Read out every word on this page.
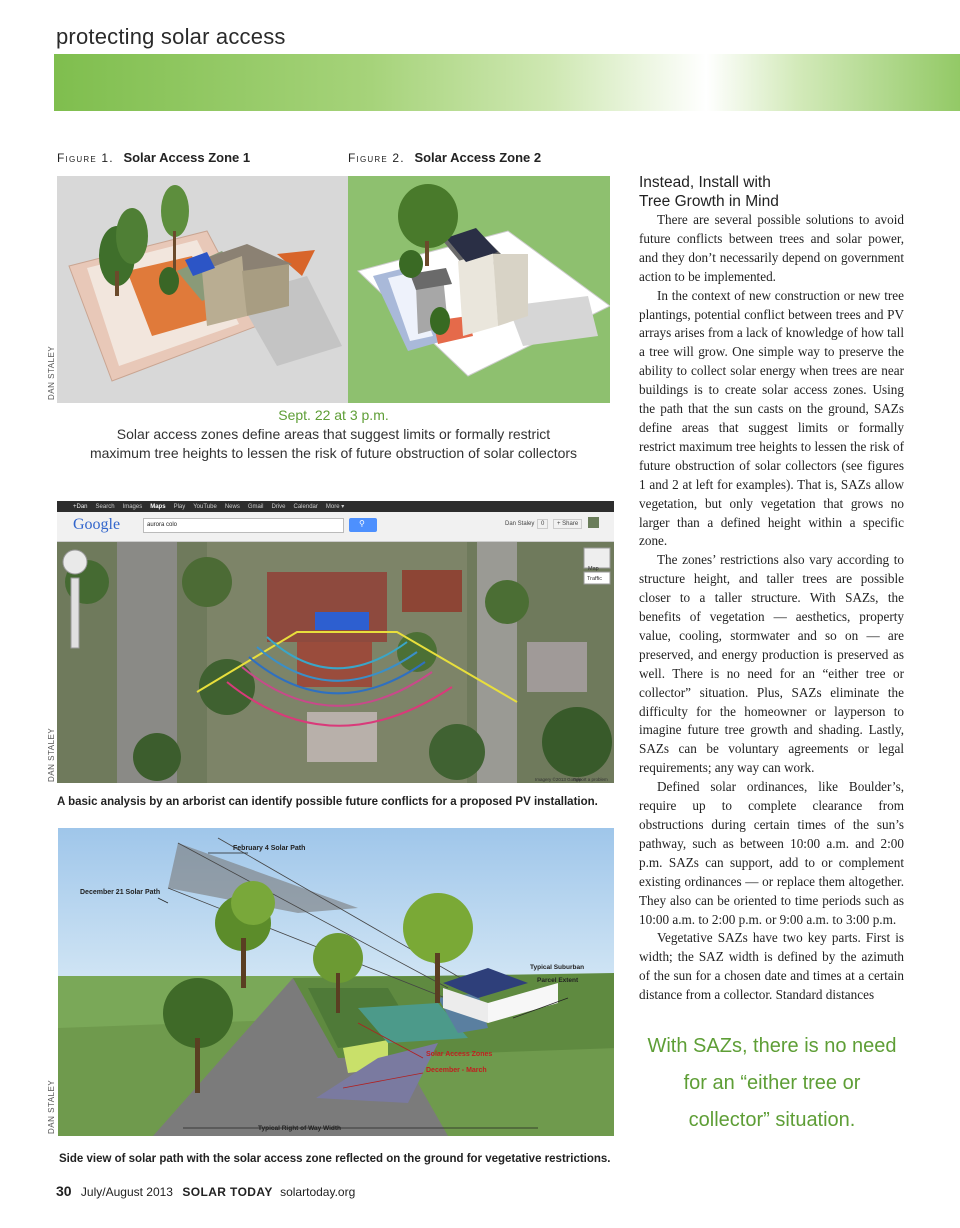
protecting solar access
Figure 1. Solar Access Zone 1	Figure 2. Solar Access Zone 2
DAN STALEY
Sept. 22 at 3 p.m.
Solar access zones define areas that suggest limits or formally restrict
maximum tree heights to lessen the risk of future obstruction of solar collectors
+Dan Search Images Maps Play YouTube News Gmail Drive Calendar More ▾
Google	aurora colo	⚲	Dan Staley	0	+ Share
Map
Traffic
Imagery ©2013 Google
Report a problem
DAN STALEY
A basic analysis by an arborist can identify possible future conflicts for a proposed PV installation.
February 4 Solar Path
December 21 Solar Path
Typical Suburban
Parcel Extent
Solar Access Zones
December - March
Typical Right of Way Width
DAN STALEY
Side view of solar path with the solar access zone reflected on the ground for vegetative restrictions.
Instead, Install with
Tree Growth in Mind

There are several possible solutions to avoid future conflicts between trees and solar power, and they don’t necessarily depend on government action to be implemented.

In the context of new construction or new tree plantings, potential conflict between trees and PV arrays arises from a lack of knowledge of how tall a tree will grow. One simple way to preserve the ability to collect solar energy when trees are near buildings is to create solar access zones. Using the path that the sun casts on the ground, SAZs define areas that suggest limits or formally restrict maximum tree heights to lessen the risk of future obstruction of solar collectors (see figures 1 and 2 at left for examples). That is, SAZs allow vegetation, but only vegetation that grows no larger than a defined height within a specific zone.

The zones’ restrictions also vary according to structure height, and taller trees are possible closer to a taller structure. With SAZs, the benefits of vegetation — aesthetics, property value, cooling, stormwater and so on — are preserved, and energy production is preserved as well. There is no need for an “either tree or collector” situation. Plus, SAZs eliminate the difficulty for the homeowner or layperson to imagine future tree growth and shading. Lastly, SAZs can be voluntary agreements or legal requirements; any way can work.

Defined solar ordinances, like Boulder’s, require up to complete clearance from obstructions during certain times of the sun’s pathway, such as between 10:00 a.m. and 2:00 p.m. SAZs can support, add to or complement existing ordinances — or replace them altogether. They also can be oriented to time periods such as 10:00 a.m. to 2:00 p.m. or 9:00 a.m. to 3:00 p.m.

Vegetative SAZs have two key parts. First is width; the SAZ width is defined by the azimuth of the sun for a chosen date and times at a certain distance from a collector. Standard distances

With SAZs, there is no need
for an “either tree or
collector” situation.
30 July/August 2013 SOLAR TODAY solartoday.org
